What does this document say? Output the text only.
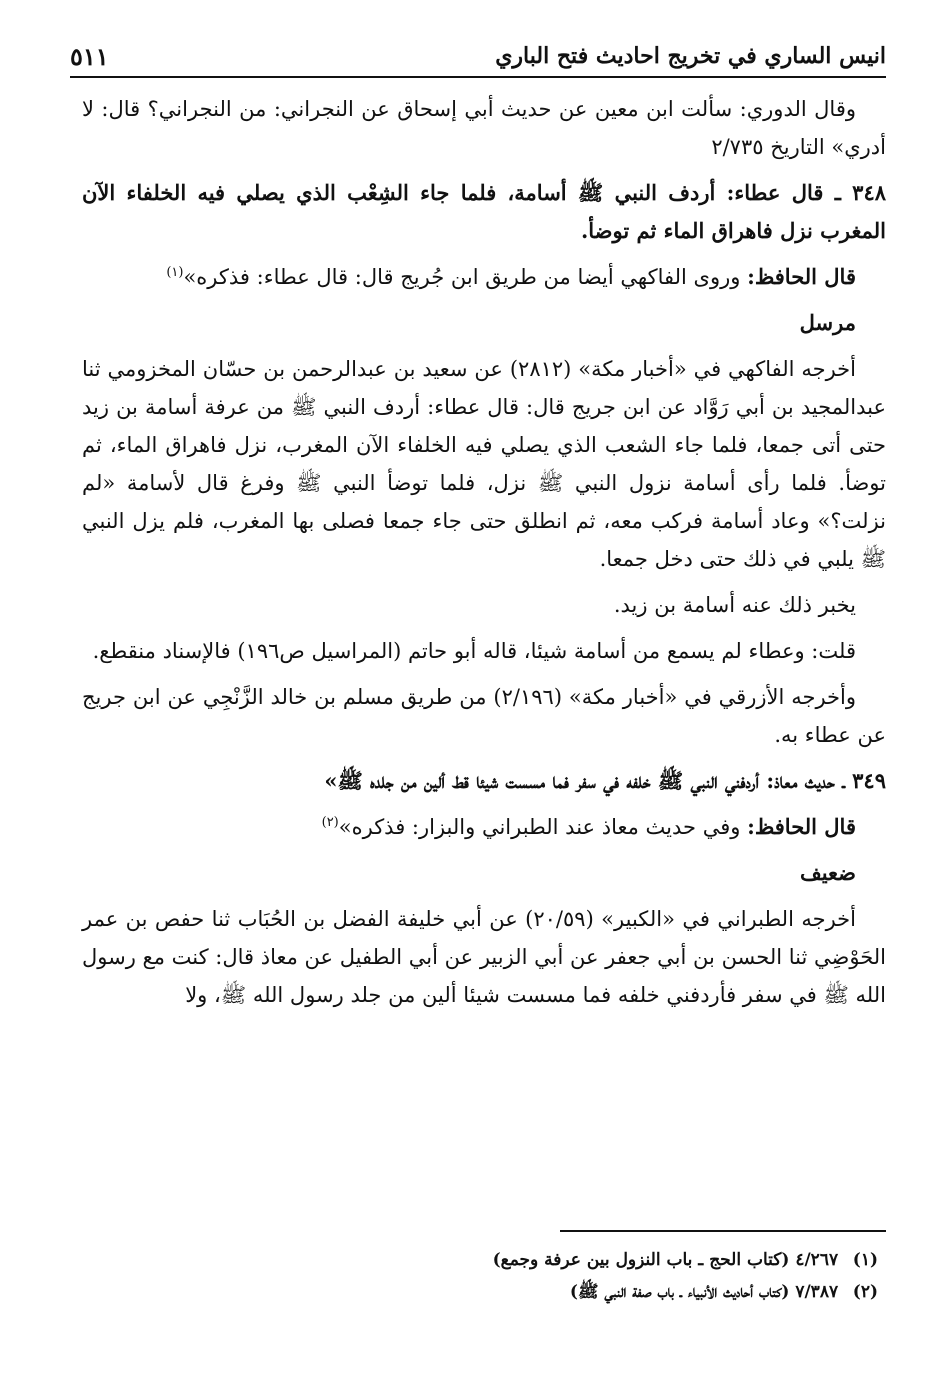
٥١١	انيس الساري في تخريج احاديث فتح الباري

وقال الدوري: سألت ابن معين عن حديث أبي إسحاق عن النجراني: من النجراني؟ قال: لا أدري» التاريخ ٢/٧٣٥

٣٤٨ ـ قال عطاء: أردف النبي ﷺ أسامة، فلما جاء الشِعْب الذي يصلي فيه الخلفاء الآن المغرب نزل فاهراق الماء ثم توضأ.

قال الحافظ: وروى الفاكهي أيضا من طريق ابن جُريج قال: قال عطاء: فذكره»$^{(١)}$

مرسل

أخرجه الفاكهي في «أخبار مكة» (٢٨١٢) عن سعيد بن عبدالرحمن بن حسّان المخزومي ثنا عبدالمجيد بن أبي رَوَّاد عن ابن جريج قال: قال عطاء: أردف النبي ﷺ من عرفة أسامة بن زيد حتى أتى جمعا، فلما جاء الشعب الذي يصلي فيه الخلفاء الآن المغرب، نزل فاهراق الماء، ثم توضأ. فلما رأى أسامة نزول النبي ﷺ نزل، فلما توضأ النبي ﷺ وفرغ قال لأسامة «لم نزلت؟» وعاد أسامة فركب معه، ثم انطلق حتى جاء جمعا فصلى بها المغرب، فلم يزل النبي ﷺ يلبي في ذلك حتى دخل جمعا.

يخبر ذلك عنه أسامة بن زيد.

قلت: وعطاء لم يسمع من أسامة شيئا، قاله أبو حاتم (المراسيل ص١٩٦) فالإسناد منقطع.

وأخرجه الأزرقي في «أخبار مكة» (٢/١٩٦) من طريق مسلم بن خالد الزَّنْجِي عن ابن جريج عن عطاء به.

٣٤٩ ـ حديث معاذ: أردفني النبي ﷺ خلفه في سفر فما مسست شيئا قط ألين من جلده ﷺ»

قال الحافظ: وفي حديث معاذ عند الطبراني والبزار: فذكره»$^{(٢)}$

ضعيف

أخرجه الطبراني في «الكبير» (٢٠/٥٩) عن أبي خليفة الفضل بن الحُبَاب ثنا حفص بن عمر الحَوْضِي ثنا الحسن بن أبي جعفر عن أبي الزبير عن أبي الطفيل عن معاذ قال: كنت مع رسول الله ﷺ في سفر فأردفني خلفه فما مسست شيئا ألين من جلد رسول الله ﷺ، ولا

(١) ٤/٢٦٧ (كتاب الحج ـ باب النزول بين عرفة وجمع)

(٢) ٧/٣٨٧ (كتاب أحاديث الأنبياء ـ باب صفة النبي ﷺ)
